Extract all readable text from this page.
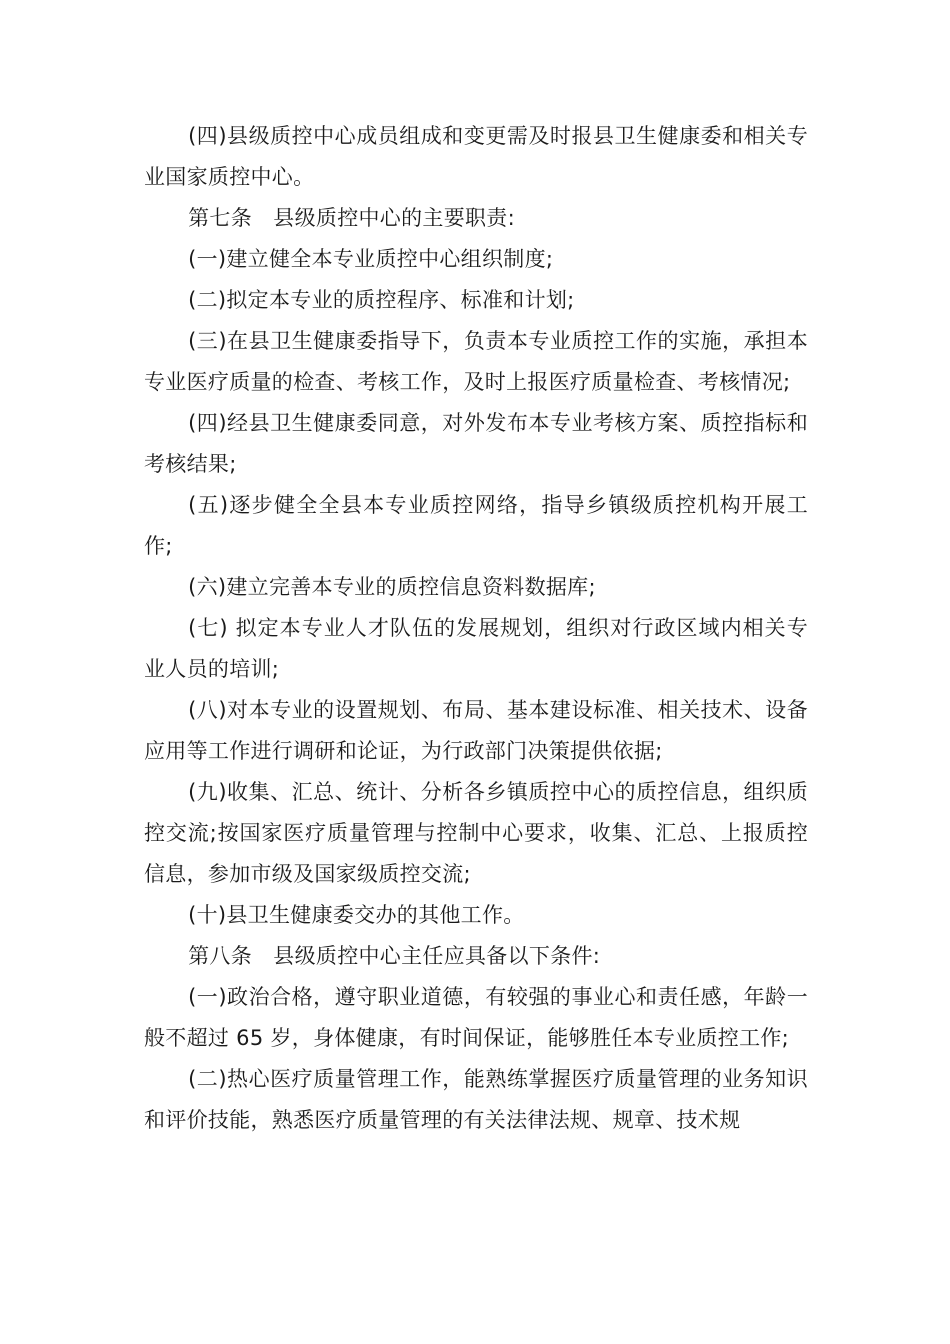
(四)县级质控中心成员组成和变更需及时报县卫生健康委和相关专业国家质控中心。

第七条　县级质控中心的主要职责:

(一)建立健全本专业质控中心组织制度;

(二)拟定本专业的质控程序、标准和计划;

(三)在县卫生健康委指导下，负责本专业质控工作的实施，承担本专业医疗质量的检查、考核工作，及时上报医疗质量检查、考核情况;

(四)经县卫生健康委同意，对外发布本专业考核方案、质控指标和考核结果;

(五)逐步健全全县本专业质控网络，指导乡镇级质控机构开展工作;

(六)建立完善本专业的质控信息资料数据库;

(七) 拟定本专业人才队伍的发展规划，组织对行政区域内相关专业人员的培训;

(八)对本专业的设置规划、布局、基本建设标准、相关技术、设备应用等工作进行调研和论证，为行政部门决策提供依据;

(九)收集、汇总、统计、分析各乡镇质控中心的质控信息，组织质控交流;按国家医疗质量管理与控制中心要求，收集、汇总、上报质控信息，参加市级及国家级质控交流;

(十)县卫生健康委交办的其他工作。

第八条　县级质控中心主任应具备以下条件:

(一)政治合格，遵守职业道德，有较强的事业心和责任感，年龄一般不超过 65 岁，身体健康，有时间保证，能够胜任本专业质控工作;

(二)热心医疗质量管理工作，能熟练掌握医疗质量管理的业务知识和评价技能，熟悉医疗质量管理的有关法律法规、规章、技术规
